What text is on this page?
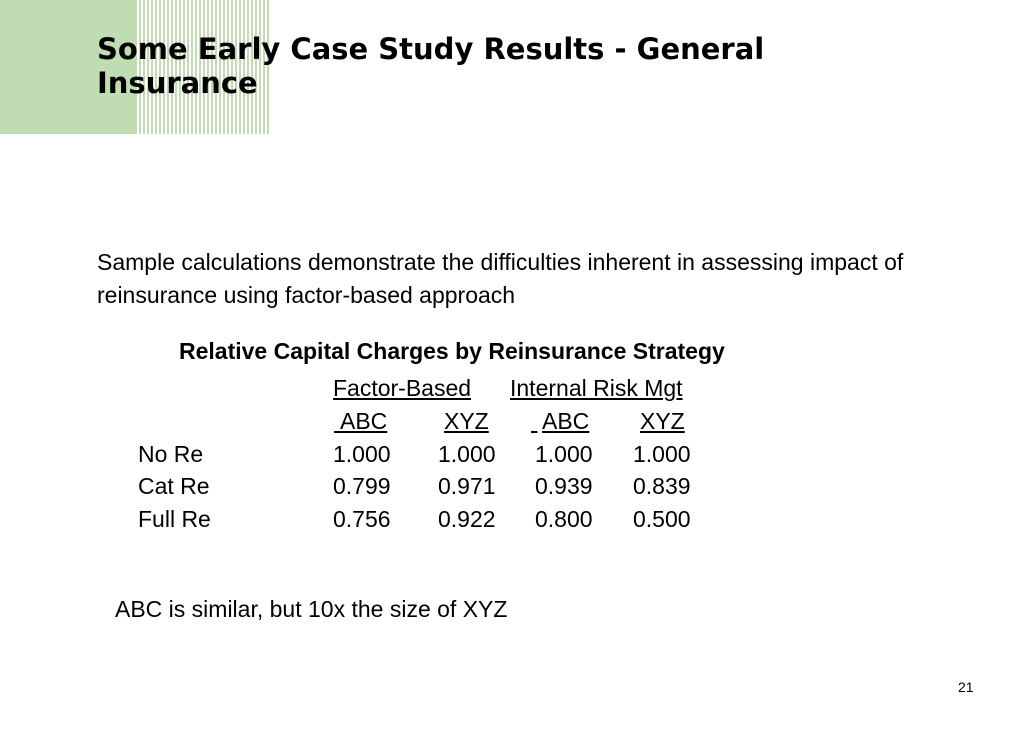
Some Early Case Study Results - General Insurance

Sample calculations demonstrate the difficulties inherent in assessing impact of reinsurance using factor-based approach

Relative Capital Charges by Reinsurance Strategy
Factor-Based Internal Risk Mgt

ABC XYZ ABC XYZ
No Re	1.000 1.000 1.000 1.000
Cat Re	0.799 0.971 0.939 0.839
Full Re	0.756 0.922 0.800 0.500

ABC is similar, but 10x the size of XYZ

21
